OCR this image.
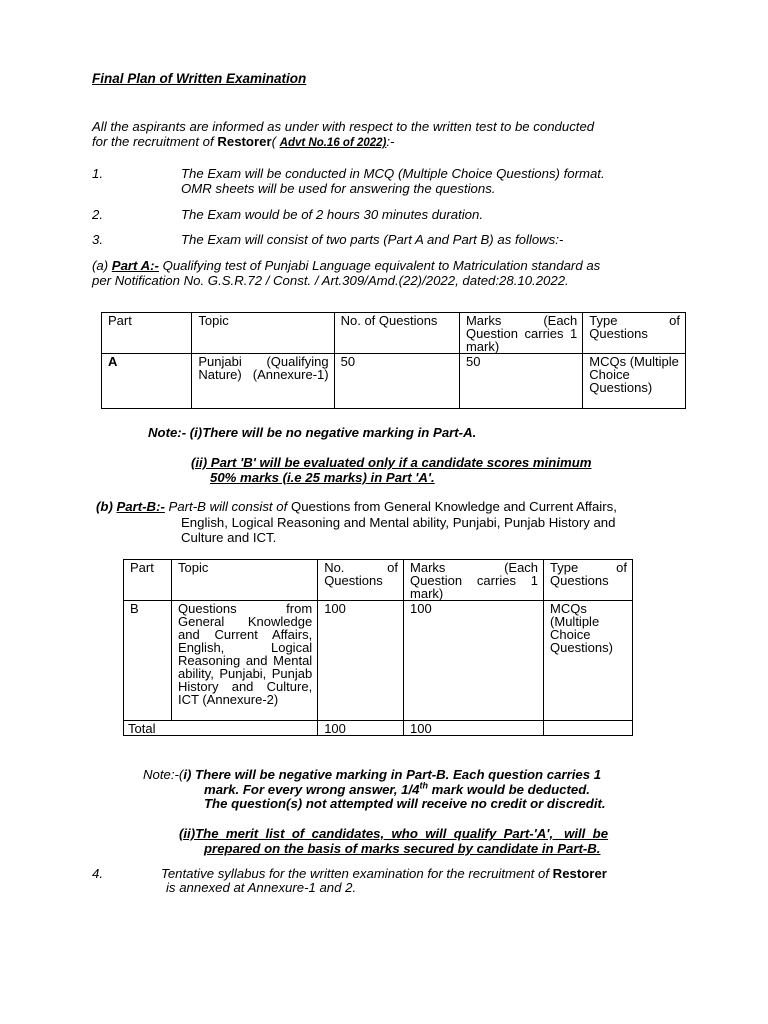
Final Plan of Written Examination
All the aspirants are informed as under with respect to the written test to be conducted
for the recruitment of Restorer( Advt No.16 of 2022):-
1.	The Exam will be conducted in MCQ (Multiple Choice Questions) format.
OMR sheets will be used for answering the questions.
2.	The Exam would be of 2 hours 30 minutes duration.
3.	The Exam will consist of two parts (Part A and Part B) as follows:-
(a) Part A:- Qualifying test of Punjabi Language equivalent to Matriculation standard as
per Notification No. G.S.R.72 / Const. / Art.309/Amd.(22)/2022, dated:28.10.2022.
Part	Topic	No. of Questions	Marks (Each Question carries 1 mark)	Type of Questions
A	Punjabi (Qualifying Nature) (Annexure-1)	50	50	MCQs (Multiple Choice Questions)
Note:- (i)There will be no negative marking in Part-A.
(ii) Part 'B' will be evaluated only if a candidate scores minimum
50% marks (i.e 25 marks) in Part 'A'.
(b) Part-B:- Part-B will consist of Questions from General Knowledge and Current Affairs,
English, Logical Reasoning and Mental ability, Punjabi, Punjab History and
Culture and ICT.
Part	Topic	No. of Questions	Marks (Each Question carries 1 mark)	Type of Questions
B	Questions from General Knowledge and Current Affairs, English, Logical Reasoning and Mental ability, Punjabi, Punjab History and Culture, ICT (Annexure-2)	100	100	MCQs (Multiple Choice Questions)
Total		100	100	
Note:-(i) There will be negative marking in Part-B. Each question carries 1
mark. For every wrong answer, 1/4th mark would be deducted.
The question(s) not attempted will receive no credit or discredit.
(ii)The  merit  list  of  candidates,  who  will  qualify  Part-'A',   will  be
prepared on the basis of marks secured by candidate in Part-B.
4.	Tentative syllabus for the written examination for the recruitment of Restorer
is annexed at Annexure-1 and 2.
